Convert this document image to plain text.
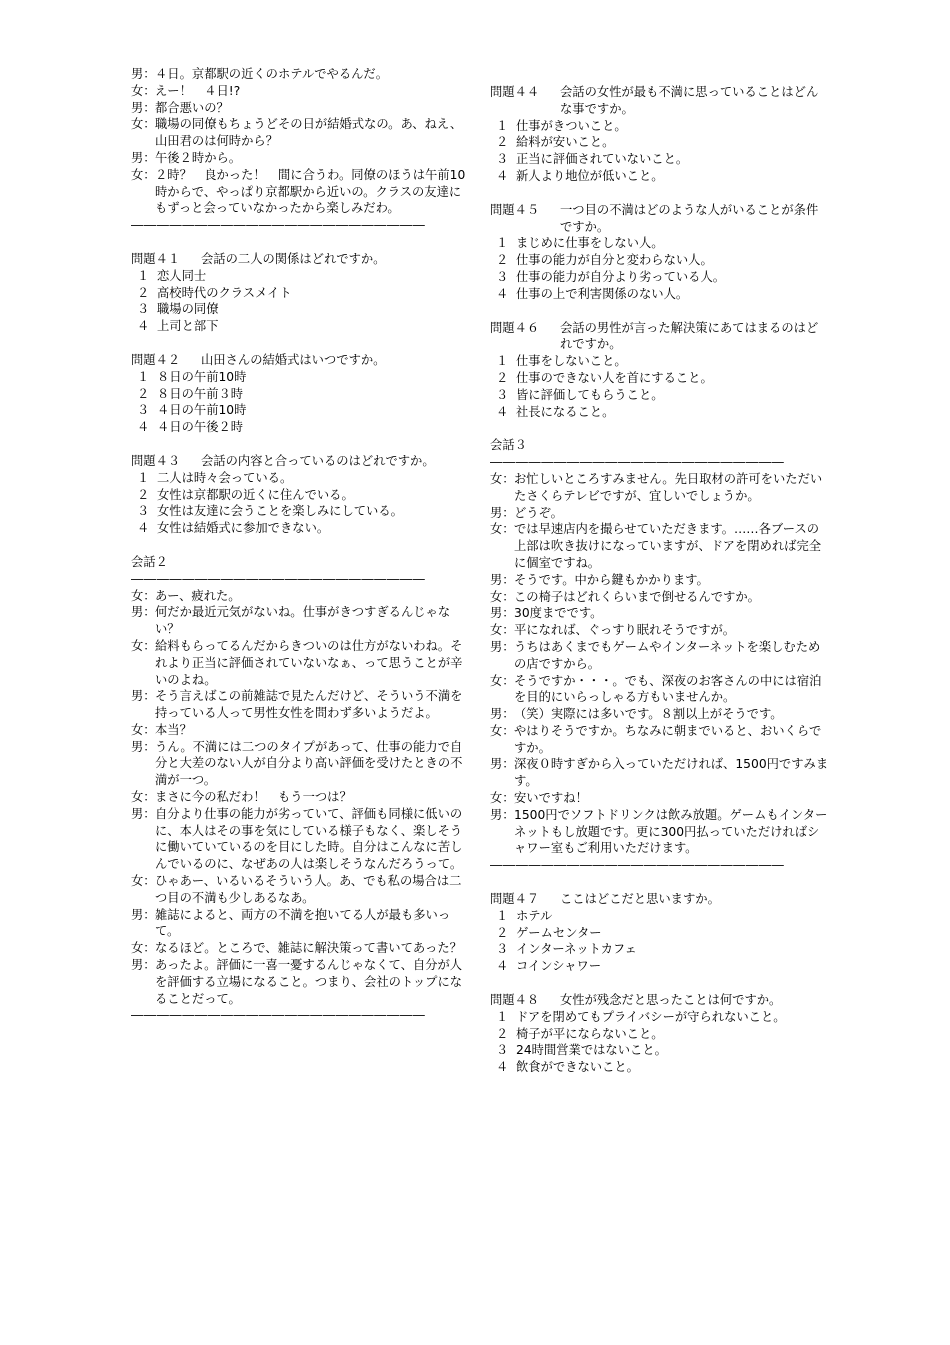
男： ４日。京都駅の近くのホテルでやるんだ。
女： えー！　４日!?
男： 都合悪いの？
女： 職場の同僚もちょうどその日が結婚式なの。あ、ねえ、山田君のは何時から？
男： 午後２時から。
女： ２時？　良かった！　間に合うわ。同僚のほうは午前10時からで、やっぱり京都駅から近いの。クラスの友達にもずっと会っていなかったから楽しみだわ。
―――――――――――――――――――――――
問題４１	会話の二人の関係はどれですか。
１ 恋人同士
２ 高校時代のクラスメイト
３ 職場の同僚
４ 上司と部下
問題４２	山田さんの結婚式はいつですか。
１ ８日の午前10時
２ ８日の午前３時
３ ４日の午前10時
４ ４日の午後２時
問題４３	会話の内容と合っているのはどれですか。
１ 二人は時々会っている。
２ 女性は京都駅の近くに住んでいる。
３ 女性は友達に会うことを楽しみにしている。
４ 女性は結婚式に参加できない。
会話２
―――――――――――――――――――――――
女： あー、疲れた。
男： 何だか最近元気がないね。仕事がきつすぎるんじゃない？
女： 給料もらってるんだからきついのは仕方がないわね。それより正当に評価されていないなぁ、って思うことが辛いのよね。
男： そう言えばこの前雑誌で見たんだけど、そういう不満を持っている人って男性女性を問わず多いようだよ。
女： 本当？
男： うん。不満には二つのタイプがあって、仕事の能力で自分と大差のない人が自分より高い評価を受けたときの不満が一つ。
女： まさに今の私だわ！　もう一つは？
男： 自分より仕事の能力が劣っていて、評価も同様に低いのに、本人はその事を気にしている様子もなく、楽しそうに働いていているのを目にした時。自分はこんなに苦しんでいるのに、なぜあの人は楽しそうなんだろうって。
女： ひゃあー、いるいるそういう人。あ、でも私の場合は二つ目の不満も少しあるなあ。
男： 雑誌によると、両方の不満を抱いてる人が最も多いって。
女： なるほど。ところで、雑誌に解決策って書いてあった？
男： あったよ。評価に一喜一憂するんじゃなくて、自分が人を評価する立場になること。つまり、会社のトップになることだって。
―――――――――――――――――――――――
問題４４	会話の女性が最も不満に思っていることはどんな事ですか。
１ 仕事がきついこと。
２ 給料が安いこと。
３ 正当に評価されていないこと。
４ 新人より地位が低いこと。
問題４５	一つ目の不満はどのような人がいることが条件ですか。
１ まじめに仕事をしない人。
２ 仕事の能力が自分と変わらない人。
３ 仕事の能力が自分より劣っている人。
４ 仕事の上で利害関係のない人。
問題４６	会話の男性が言った解決策にあてはまるのはどれですか。
１ 仕事をしないこと。
２ 仕事のできない人を首にすること。
３ 皆に評価してもらうこと。
４ 社長になること。
会話３
―――――――――――――――――――――――
女： お忙しいところすみません。先日取材の許可をいただいたさくらテレビですが、宜しいでしょうか。
男： どうぞ。
女： では早速店内を撮らせていただきます。……各ブースの上部は吹き抜けになっていますが、ドアを閉めれば完全に個室ですね。
男： そうです。中から鍵もかかります。
女： この椅子はどれくらいまで倒せるんですか。
男： 30度までです。
女： 平になれば、ぐっすり眠れそうですが。
男： うちはあくまでもゲームやインターネットを楽しむための店ですから。
女： そうですか・・・。でも、深夜のお客さんの中には宿泊を目的にいらっしゃる方もいませんか。
男： （笑）実際には多いです。８割以上がそうです。
女： やはりそうですか。ちなみに朝までいると、おいくらですか。
男： 深夜０時すぎから入っていただければ、1500円ですみます。
女： 安いですね！
男： 1500円でソフトドリンクは飲み放題。ゲームもインターネットもし放題です。更に300円払っていただければシャワー室もご利用いただけます。
―――――――――――――――――――――――
問題４７	ここはどこだと思いますか。
１ ホテル
２ ゲームセンター
３ インターネットカフェ
４ コインシャワー
問題４８	女性が残念だと思ったことは何ですか。
１ ドアを閉めてもプライバシーが守られないこと。
２ 椅子が平にならないこと。
３ 24時間営業ではないこと。
４ 飲食ができないこと。
